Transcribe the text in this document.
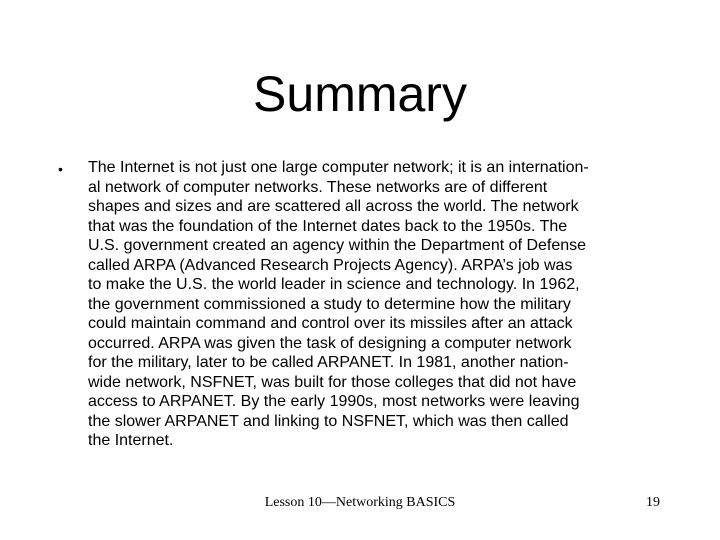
Summary
• The Internet is not just one large computer network; it is an internation-
al network of computer networks. These networks are of different
shapes and sizes and are scattered all across the world. The network
that was the foundation of the Internet dates back to the 1950s. The
U.S. government created an agency within the Department of Defense
called ARPA (Advanced Research Projects Agency). ARPA’s job was
to make the U.S. the world leader in science and technology. In 1962,
the government commissioned a study to determine how the military
could maintain command and control over its missiles after an attack
occurred. ARPA was given the task of designing a computer network
for the military, later to be called ARPANET. In 1981, another nation-
wide network, NSFNET, was built for those colleges that did not have
access to ARPANET. By the early 1990s, most networks were leaving
the slower ARPANET and linking to NSFNET, which was then called
the Internet.
Lesson 10—Networking BASICS	19
